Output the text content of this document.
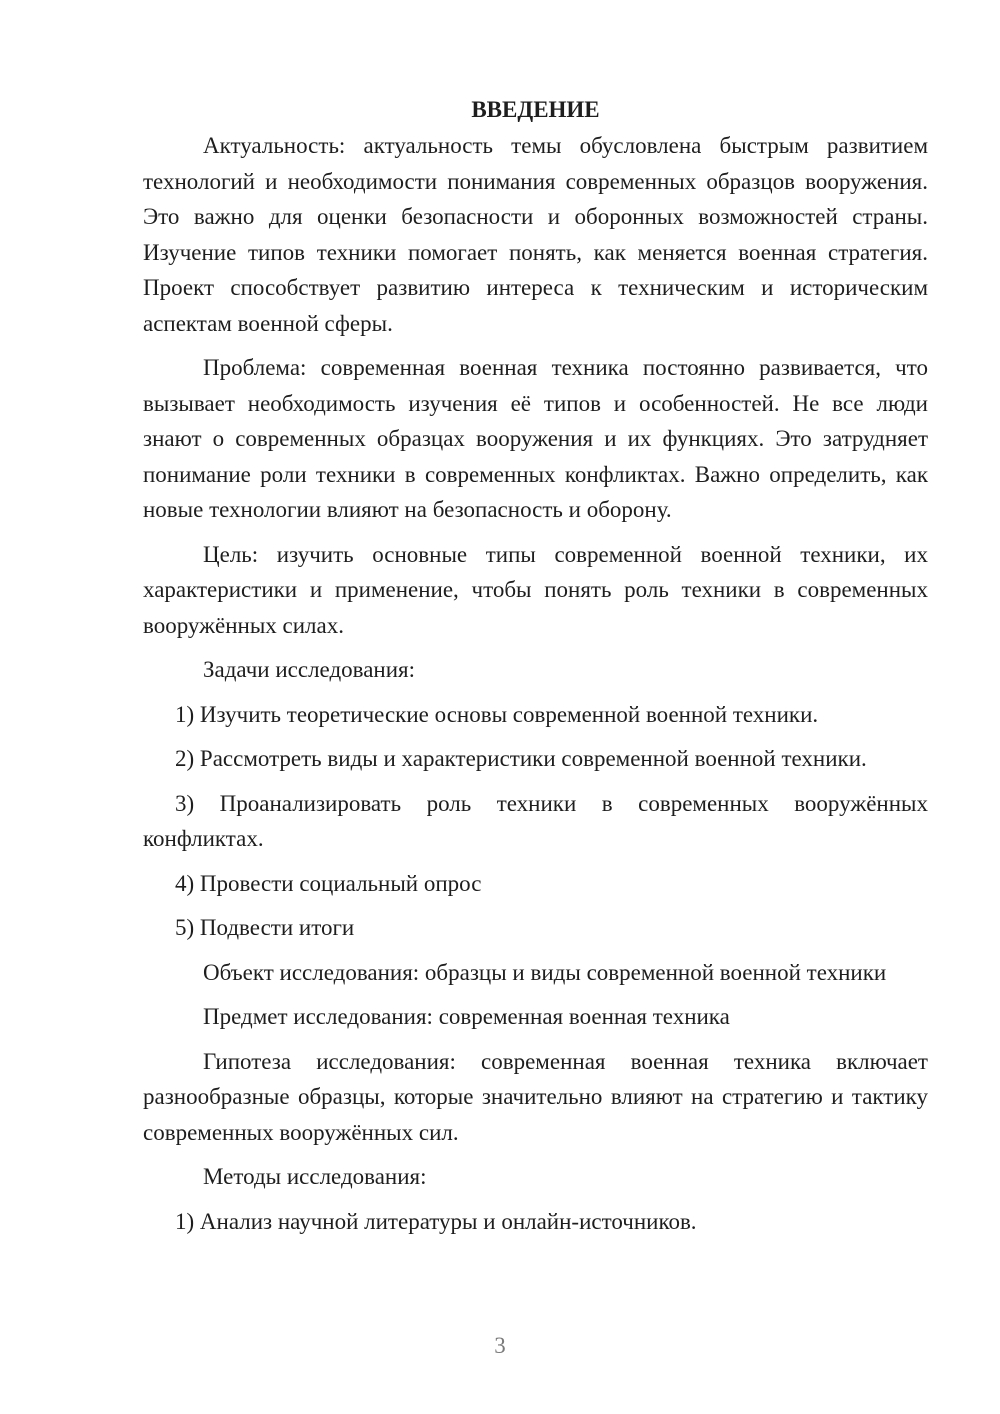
ВВЕДЕНИЕ

Актуальность: актуальность темы обусловлена быстрым развитием технологий и необходимости понимания современных образцов вооружения. Это важно для оценки безопасности и оборонных возможностей страны. Изучение типов техники помогает понять, как меняется военная стратегия. Проект способствует развитию интереса к техническим и историческим аспектам военной сферы.

Проблема: современная военная техника постоянно развивается, что вызывает необходимость изучения её типов и особенностей. Не все люди знают о современных образцах вооружения и их функциях. Это затрудняет понимание роли техники в современных конфликтах. Важно определить, как новые технологии влияют на безопасность и оборону.

Цель: изучить основные типы современной военной техники, их характеристики и применение, чтобы понять роль техники в современных вооружённых силах.

Задачи исследования:

1) Изучить теоретические основы современной военной техники.

2) Рассмотреть виды и характеристики современной военной техники.

3) Проанализировать роль техники в современных вооружённых конфликтах.

4) Провести социальный опрос

5) Подвести итоги

Объект исследования: образцы и виды современной военной техники

Предмет исследования: современная военная техника

Гипотеза исследования: современная военная техника включает разнообразные образцы, которые значительно влияют на стратегию и тактику современных вооружённых сил.

Методы исследования:

1) Анализ научной литературы и онлайн-источников.

3
